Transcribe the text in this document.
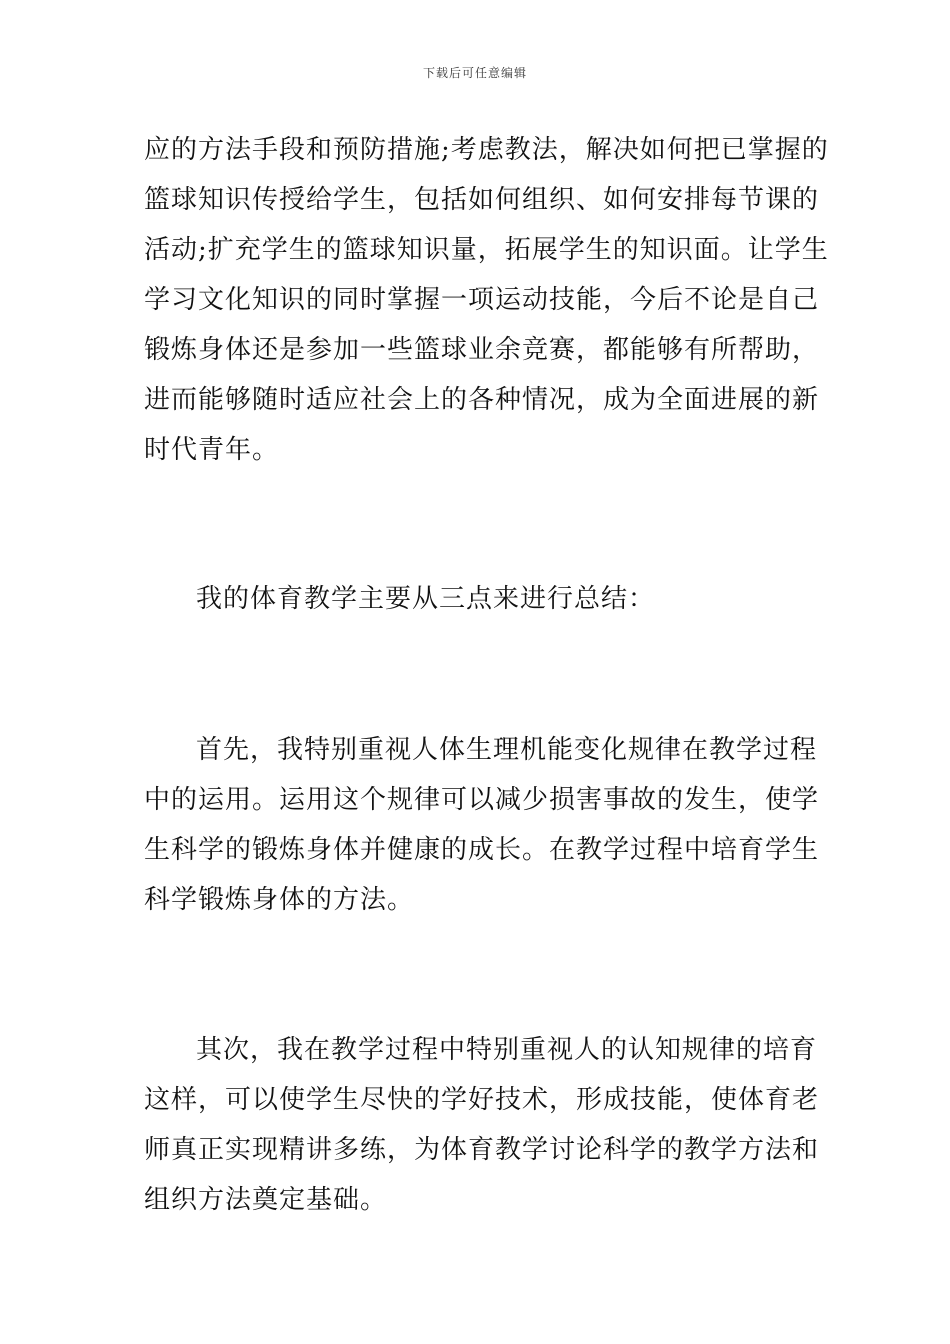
下载后可任意编辑
应的方法手段和预防措施;考虑教法，解决如何把已掌握的
篮球知识传授给学生，包括如何组织、如何安排每节课的
活动;扩充学生的篮球知识量，拓展学生的知识面。让学生
学习文化知识的同时掌握一项运动技能，今后不论是自己
锻炼身体还是参加一些篮球业余竞赛，都能够有所帮助，
进而能够随时适应社会上的各种情况，成为全面进展的新
时代青年。
我的体育教学主要从三点来进行总结：
首先，我特别重视人体生理机能变化规律在教学过程
中的运用。运用这个规律可以减少损害事故的发生，使学
生科学的锻炼身体并健康的成长。在教学过程中培育学生
科学锻炼身体的方法。
其次，我在教学过程中特别重视人的认知规律的培育
这样，可以使学生尽快的学好技术，形成技能，使体育老
师真正实现精讲多练，为体育教学讨论科学的教学方法和
组织方法奠定基础。
